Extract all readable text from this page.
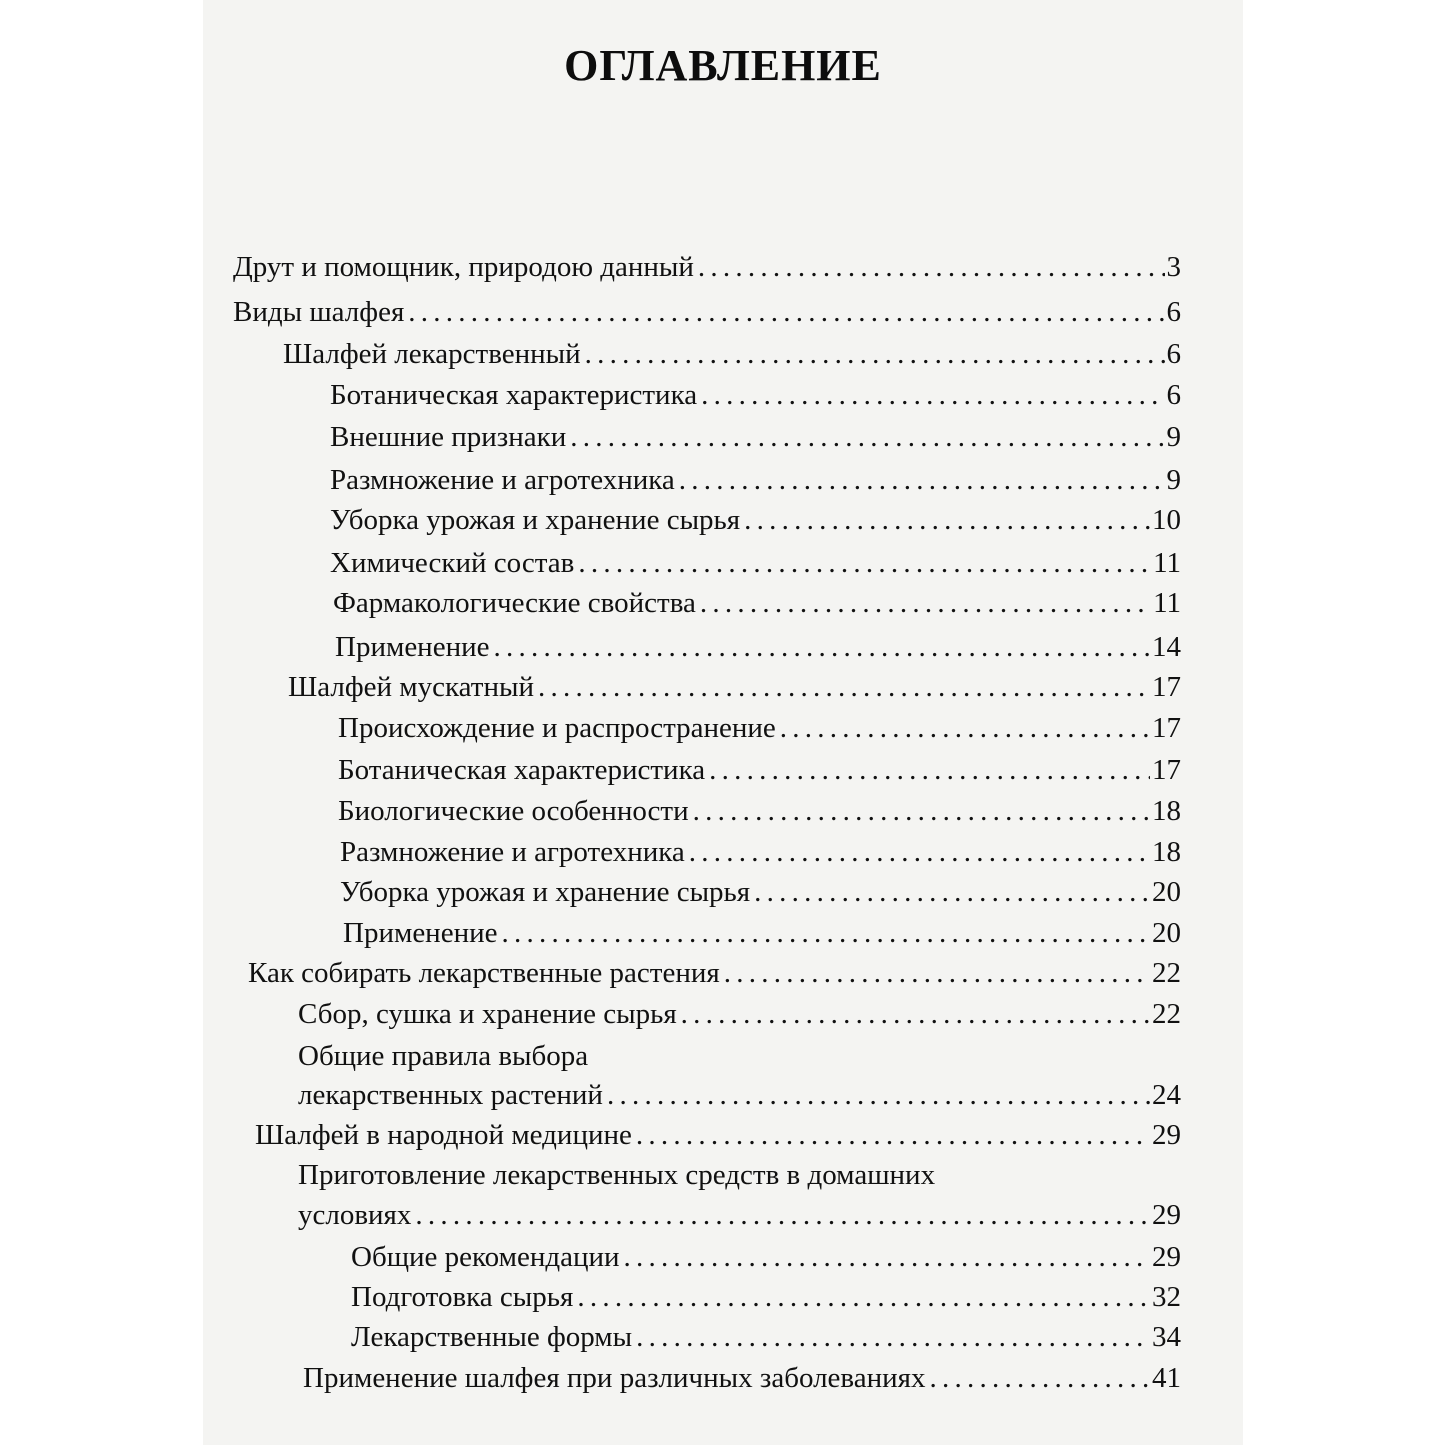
ОГЛАВЛЕНИЕ
Друт и помощник, природою данный . . .	3
Виды шалфея . . .	6
Шалфей лекарственный . . .	6
Ботаническая характеристика . . .	6
Внешние признаки . . .	9
Размножение и агротехника . . .	9
Уборка урожая и хранение сырья . . .	10
Химический состав . . .	11
Фармакологические свойства . . .	11
Применение . . .	14
Шалфей мускатный . . .	17
Происхождение и распространение . . .	17
Ботаническая характеристика . . .	17
Биологические особенности . . .	18
Размножение и агротехника . . .	18
Уборка урожая и хранение сырья . . .	20
Применение . . .	20
Как собирать лекарственные растения . . .	22
Сбор, сушка и хранение сырья . . .	22
Общие правила выбора
лекарственных растений . . .	24
Шалфей в народной медицине . . .	29
Приготовление лекарственных средств в домашних
условиях . . .	29
Общие рекомендации . . .	29
Подготовка сырья . . .	32
Лекарственные формы . . .	34
Применение шалфея при различных заболеваниях . . .	41
